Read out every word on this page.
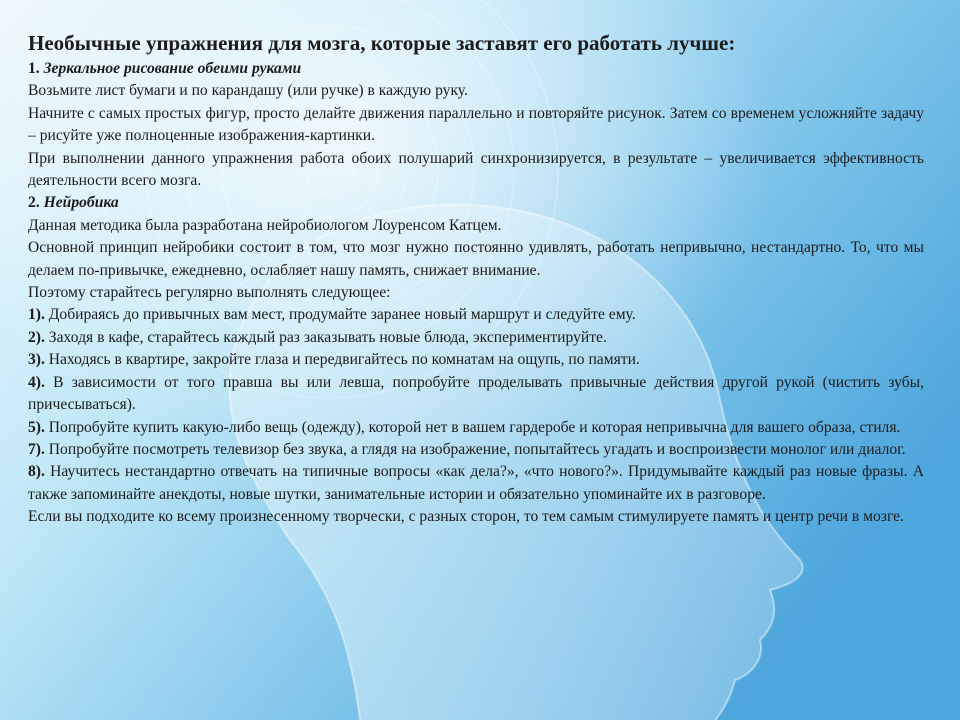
Необычные упражнения для мозга, которые заставят его работать лучше:
1. Зеркальное рисование обеими руками
Возьмите лист бумаги и по карандашу (или ручке) в каждую руку.
Начните с самых простых фигур, просто делайте движения параллельно и повторяйте рисунок. Затем со временем усложняйте задачу – рисуйте уже полноценные изображения-картинки.
При выполнении данного упражнения работа обоих полушарий синхронизируется, в результате – увеличивается эффективность деятельности всего мозга.
2. Нейробика
Данная методика была разработана нейробиологом Лоуренсом Катцем.
Основной принцип нейробики состоит в том, что мозг нужно постоянно удивлять, работать непривычно, нестандартно. То, что мы делаем по-привычке, ежедневно, ослабляет нашу память, снижает внимание.
Поэтому старайтесь регулярно выполнять следующее:
1). Добираясь до привычных вам мест, продумайте заранее новый маршрут и следуйте ему.
2). Заходя в кафе, старайтесь каждый раз заказывать новые блюда, экспериментируйте.
3). Находясь в квартире, закройте глаза и передвигайтесь по комнатам на ощупь, по памяти.
4). В зависимости от того правша вы или левша, попробуйте проделывать привычные действия другой рукой (чистить зубы, причесываться).
5). Попробуйте купить какую-либо вещь (одежду), которой нет в вашем гардеробе и которая непривычна для вашего образа, стиля.
7). Попробуйте посмотреть телевизор без звука, а глядя на изображение, попытайтесь угадать и воспроизвести монолог или диалог.
8). Научитесь нестандартно отвечать на типичные вопросы «как дела?», «что нового?». Придумывайте каждый раз новые фразы. А также запоминайте анекдоты, новые шутки, занимательные истории и обязательно упоминайте их в разговоре.
Если вы подходите ко всему произнесенному творчески, с разных сторон, то тем самым стимулируете память и центр речи в мозге.
